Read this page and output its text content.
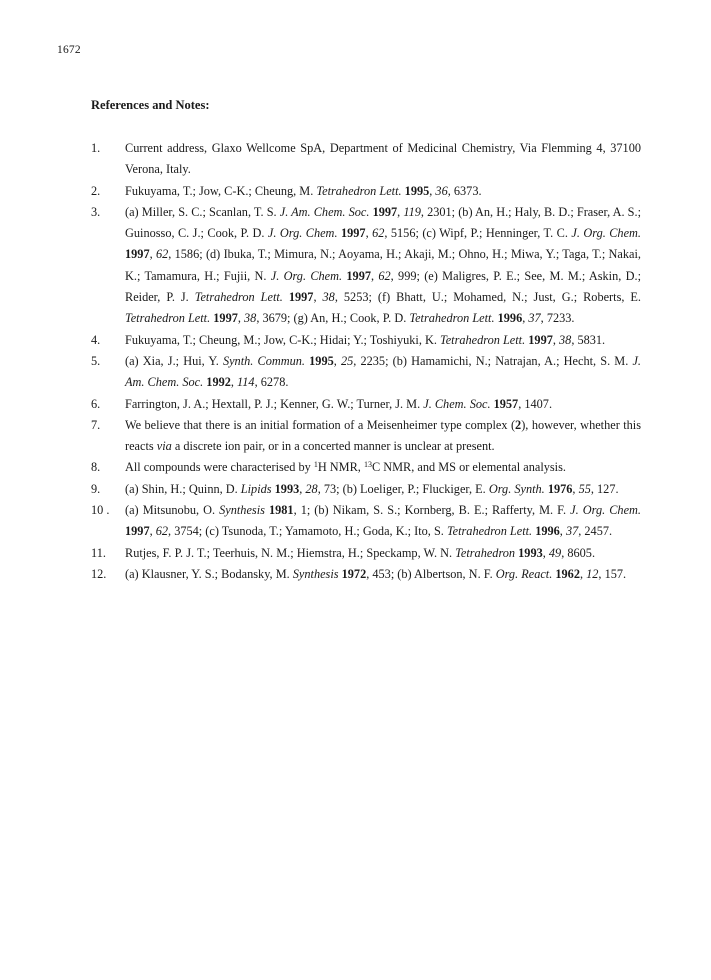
1672
References and Notes:
1. Current address, Glaxo Wellcome SpA, Department of Medicinal Chemistry, Via Flemming 4, 37100 Verona, Italy.
2. Fukuyama, T.; Jow, C-K.; Cheung, M. Tetrahedron Lett. 1995, 36, 6373.
3. (a) Miller, S. C.; Scanlan, T. S. J. Am. Chem. Soc. 1997, 119, 2301; (b) An, H.; Haly, B. D.; Fraser, A. S.; Guinosso, C. J.; Cook, P. D. J. Org. Chem. 1997, 62, 5156; (c) Wipf, P.; Henninger, T. C. J. Org. Chem. 1997, 62, 1586; (d) Ibuka, T.; Mimura, N.; Aoyama, H.; Akaji, M.; Ohno, H.; Miwa, Y.; Taga, T.; Nakai, K.; Tamamura, H.; Fujii, N. J. Org. Chem. 1997, 62, 999; (e) Maligres, P. E.; See, M. M.; Askin, D.; Reider, P. J. Tetrahedron Lett. 1997, 38, 5253; (f) Bhatt, U.; Mohamed, N.; Just, G.; Roberts, E. Tetrahedron Lett. 1997, 38, 3679; (g) An, H.; Cook, P. D. Tetrahedron Lett. 1996, 37, 7233.
4. Fukuyama, T.; Cheung, M.; Jow, C-K.; Hidai; Y.; Toshiyuki, K. Tetrahedron Lett. 1997, 38, 5831.
5. (a) Xia, J.; Hui, Y. Synth. Commun. 1995, 25, 2235; (b) Hamamichi, N.; Natrajan, A.; Hecht, S. M. J. Am. Chem. Soc. 1992, 114, 6278.
6. Farrington, J. A.; Hextall, P. J.; Kenner, G. W.; Turner, J. M. J. Chem. Soc. 1957, 1407.
7. We believe that there is an initial formation of a Meisenheimer type complex (2), however, whether this reacts via a discrete ion pair, or in a concerted manner is unclear at present.
8. All compounds were characterised by $^1$H NMR, $^{13}$C NMR, and MS or elemental analysis.
9. (a) Shin, H.; Quinn, D. Lipids 1993, 28, 73; (b) Loeliger, P.; Fluckiger, E. Org. Synth. 1976, 55, 127.
10 . (a) Mitsunobu, O. Synthesis 1981, 1; (b) Nikam, S. S.; Kornberg, B. E.; Rafferty, M. F. J. Org. Chem. 1997, 62, 3754; (c) Tsunoda, T.; Yamamoto, H.; Goda, K.; Ito, S. Tetrahedron Lett. 1996, 37, 2457.
11. Rutjes, F. P. J. T.; Teerhuis, N. M.; Hiemstra, H.; Speckamp, W. N. Tetrahedron 1993, 49, 8605.
12. (a) Klausner, Y. S.; Bodansky, M. Synthesis 1972, 453; (b) Albertson, N. F. Org. React. 1962, 12, 157.
